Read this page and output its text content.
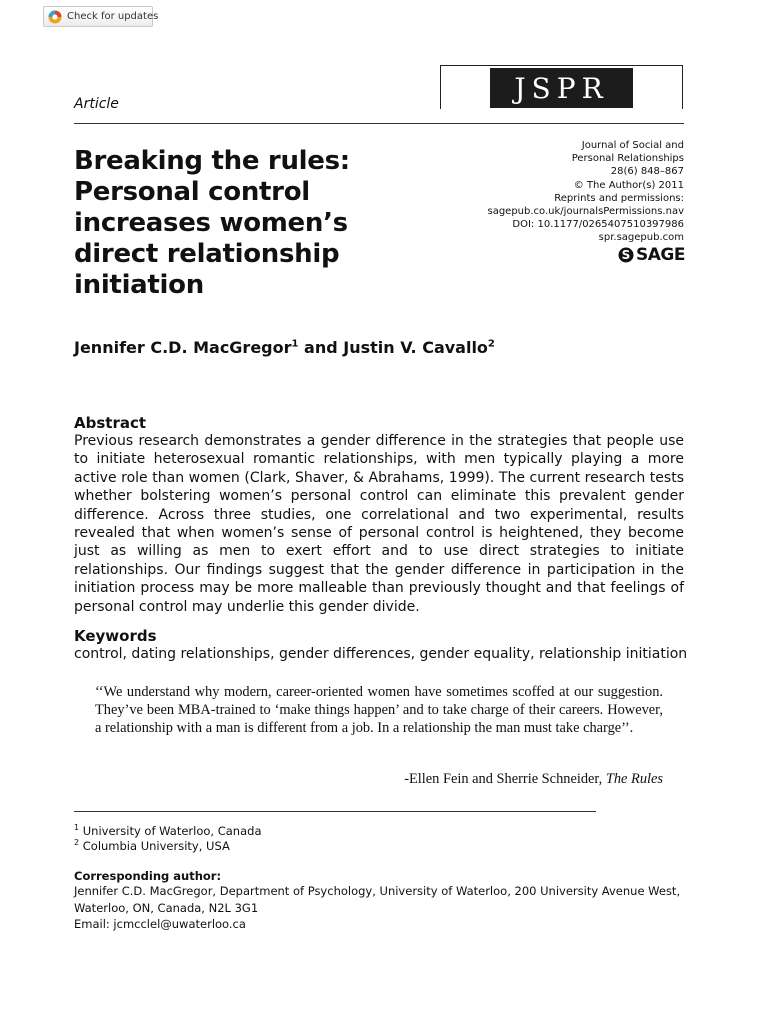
Check for updates
Article	JSPR
Breaking the rules: Personal control increases women’s direct relationship initiation
Journal of Social and
Personal Relationships
28(6) 848–867
© The Author(s) 2011
Reprints and permissions:
sagepub.co.uk/journalsPermissions.nav
DOI: 10.1177/0265407510397986
spr.sagepub.com
S SAGE
Jennifer C.D. MacGregor$^1$ and Justin V. Cavallo$^2$
Abstract

Previous research demonstrates a gender difference in the strategies that people use to initiate heterosexual romantic relationships, with men typically playing a more active role than women (Clark, Shaver, & Abrahams, 1999). The current research tests whether bolstering women’s personal control can eliminate this prevalent gender difference. Across three studies, one correlational and two experimental, results revealed that when women’s sense of personal control is heightened, they become just as willing as men to exert effort and to use direct strategies to initiate relationships. Our findings suggest that the gender difference in participation in the initiation process may be more malleable than previously thought and that feelings of personal control may underlie this gender divide.

Keywords
control, dating relationships, gender differences, gender equality, relationship initiation

‘‘We understand why modern, career-oriented women have sometimes scoffed at our suggestion. They’ve been MBA-trained to ‘make things happen’ and to take charge of their careers. However, a relationship with a man is different from a job. In a relationship the man must take charge’’.

-Ellen Fein and Sherrie Schneider, The Rules
$^1$ University of Waterloo, Canada
$^2$ Columbia University, USA
Corresponding author:
Jennifer C.D. MacGregor, Department of Psychology, University of Waterloo, 200 University Avenue West, Waterloo, ON, Canada, N2L 3G1
Email: jcmcclel@uwaterloo.ca
